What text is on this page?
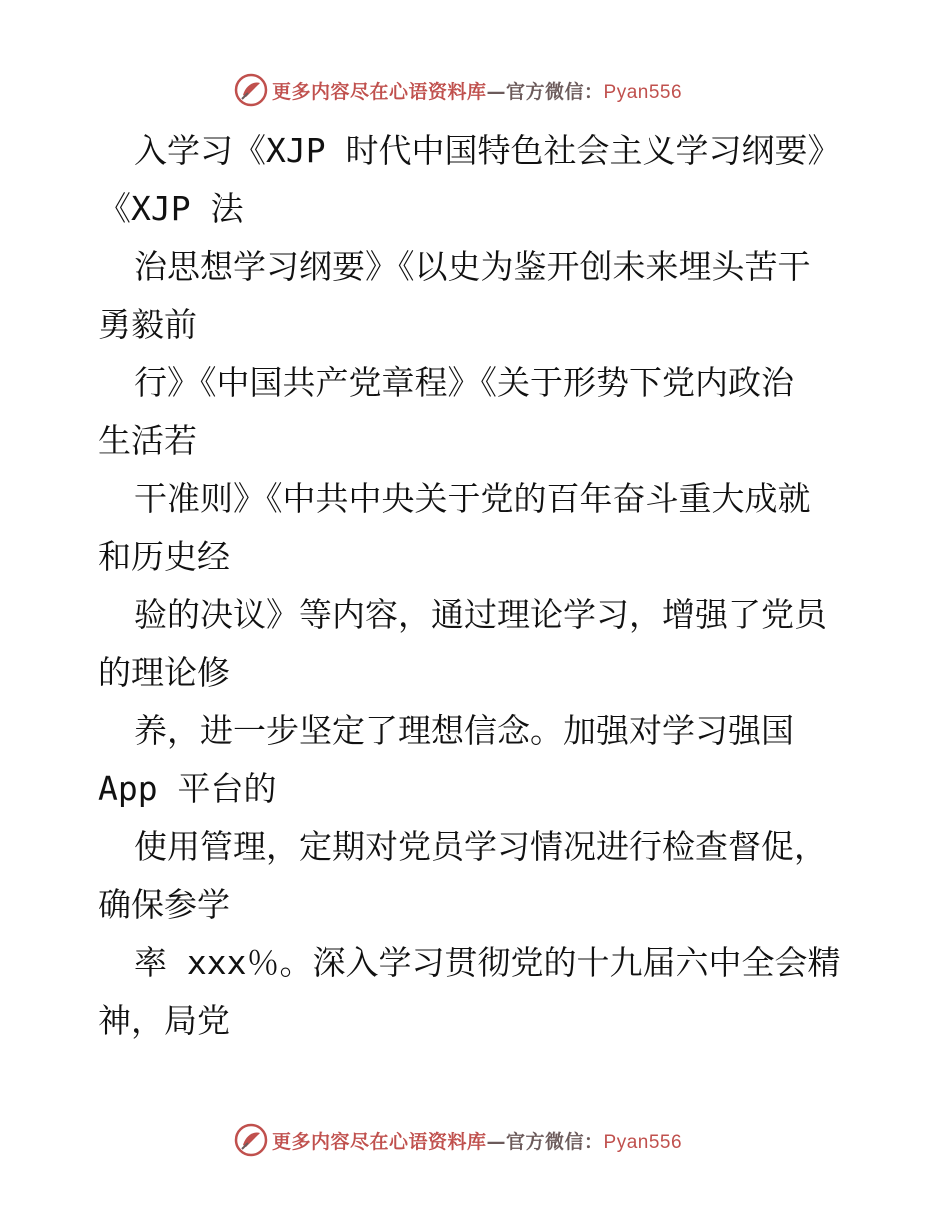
更多内容尽在心语资料库—官方微信：Pyan556
入学习《XJP 时代中国特色社会主义学习纲要》
《XJP 法
治思想学习纲要》《以史为鉴开创未来埋头苦干
勇毅前
行》《中国共产党章程》《关于形势下党内政治
生活若
干准则》《中共中央关于党的百年奋斗重大成就
和历史经
验的决议》等内容，通过理论学习，增强了党员
的理论修
养，进一步坚定了理想信念。加强对学习强国
App 平台的
使用管理，定期对党员学习情况进行检查督促，
确保参学
率 xxx％。深入学习贯彻党的十九届六中全会精
神，局党
更多内容尽在心语资料库—官方微信：Pyan556
